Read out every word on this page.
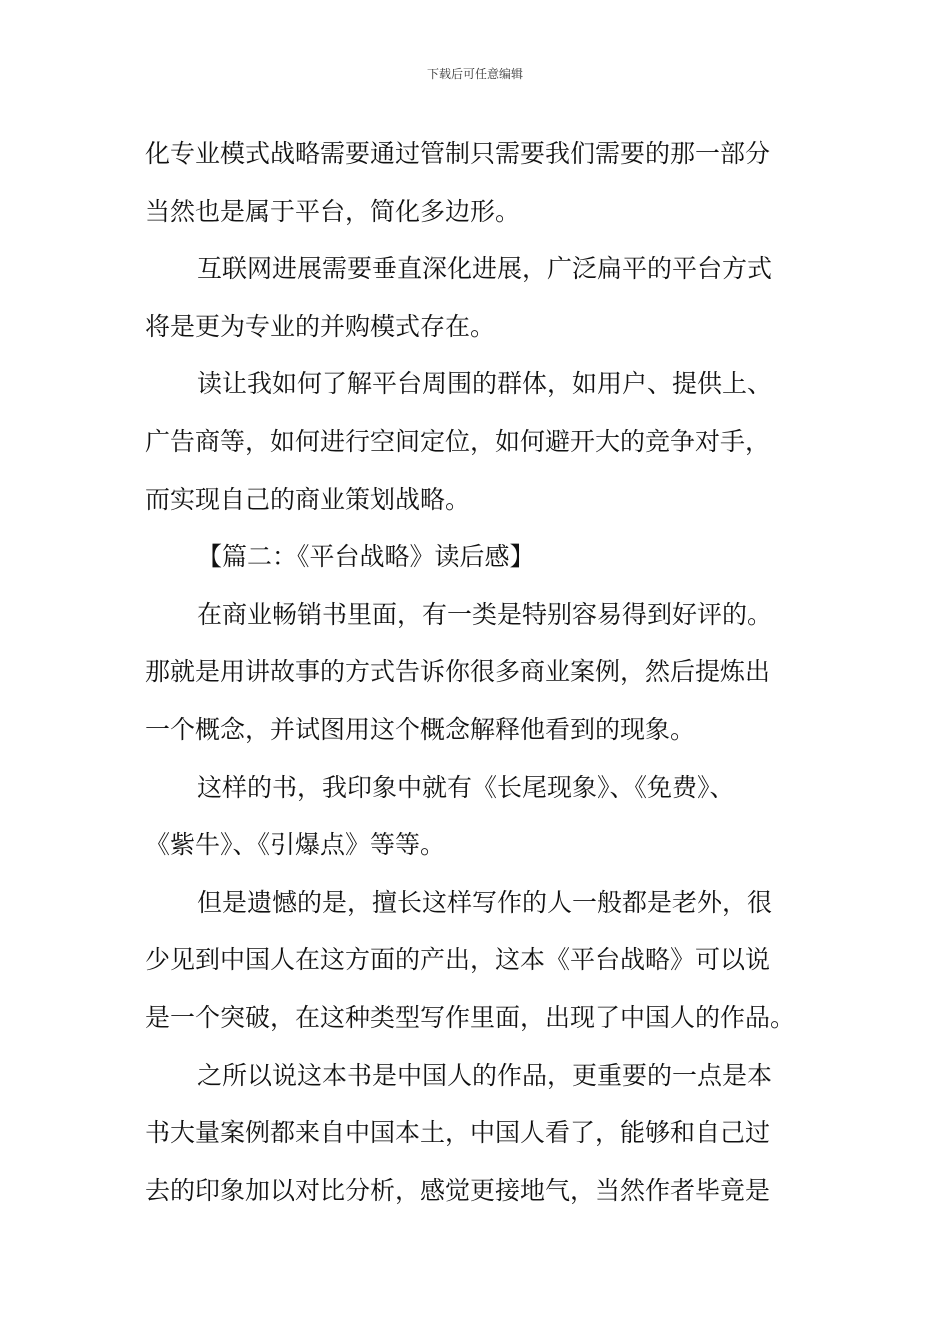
下载后可任意编辑
化专业模式战略需要通过管制只需要我们需要的那一部分
当然也是属于平台，简化多边形。
互联网进展需要垂直深化进展，广泛扁平的平台方式
将是更为专业的并购模式存在。
读让我如何了解平台周围的群体，如用户、提供上、
广告商等，如何进行空间定位，如何避开大的竞争对手，
而实现自己的商业策划战略。
【篇二：《平台战略》读后感】
在商业畅销书里面，有一类是特别容易得到好评的。
那就是用讲故事的方式告诉你很多商业案例，然后提炼出
一个概念，并试图用这个概念解释他看到的现象。
这样的书，我印象中就有《长尾现象》、《免费》、
《紫牛》、《引爆点》等等。
但是遗憾的是，擅长这样写作的人一般都是老外，很
少见到中国人在这方面的产出，这本《平台战略》可以说
是一个突破，在这种类型写作里面，出现了中国人的作品。
之所以说这本书是中国人的作品，更重要的一点是本
书大量案例都来自中国本土，中国人看了，能够和自己过
去的印象加以对比分析，感觉更接地气，当然作者毕竟是
